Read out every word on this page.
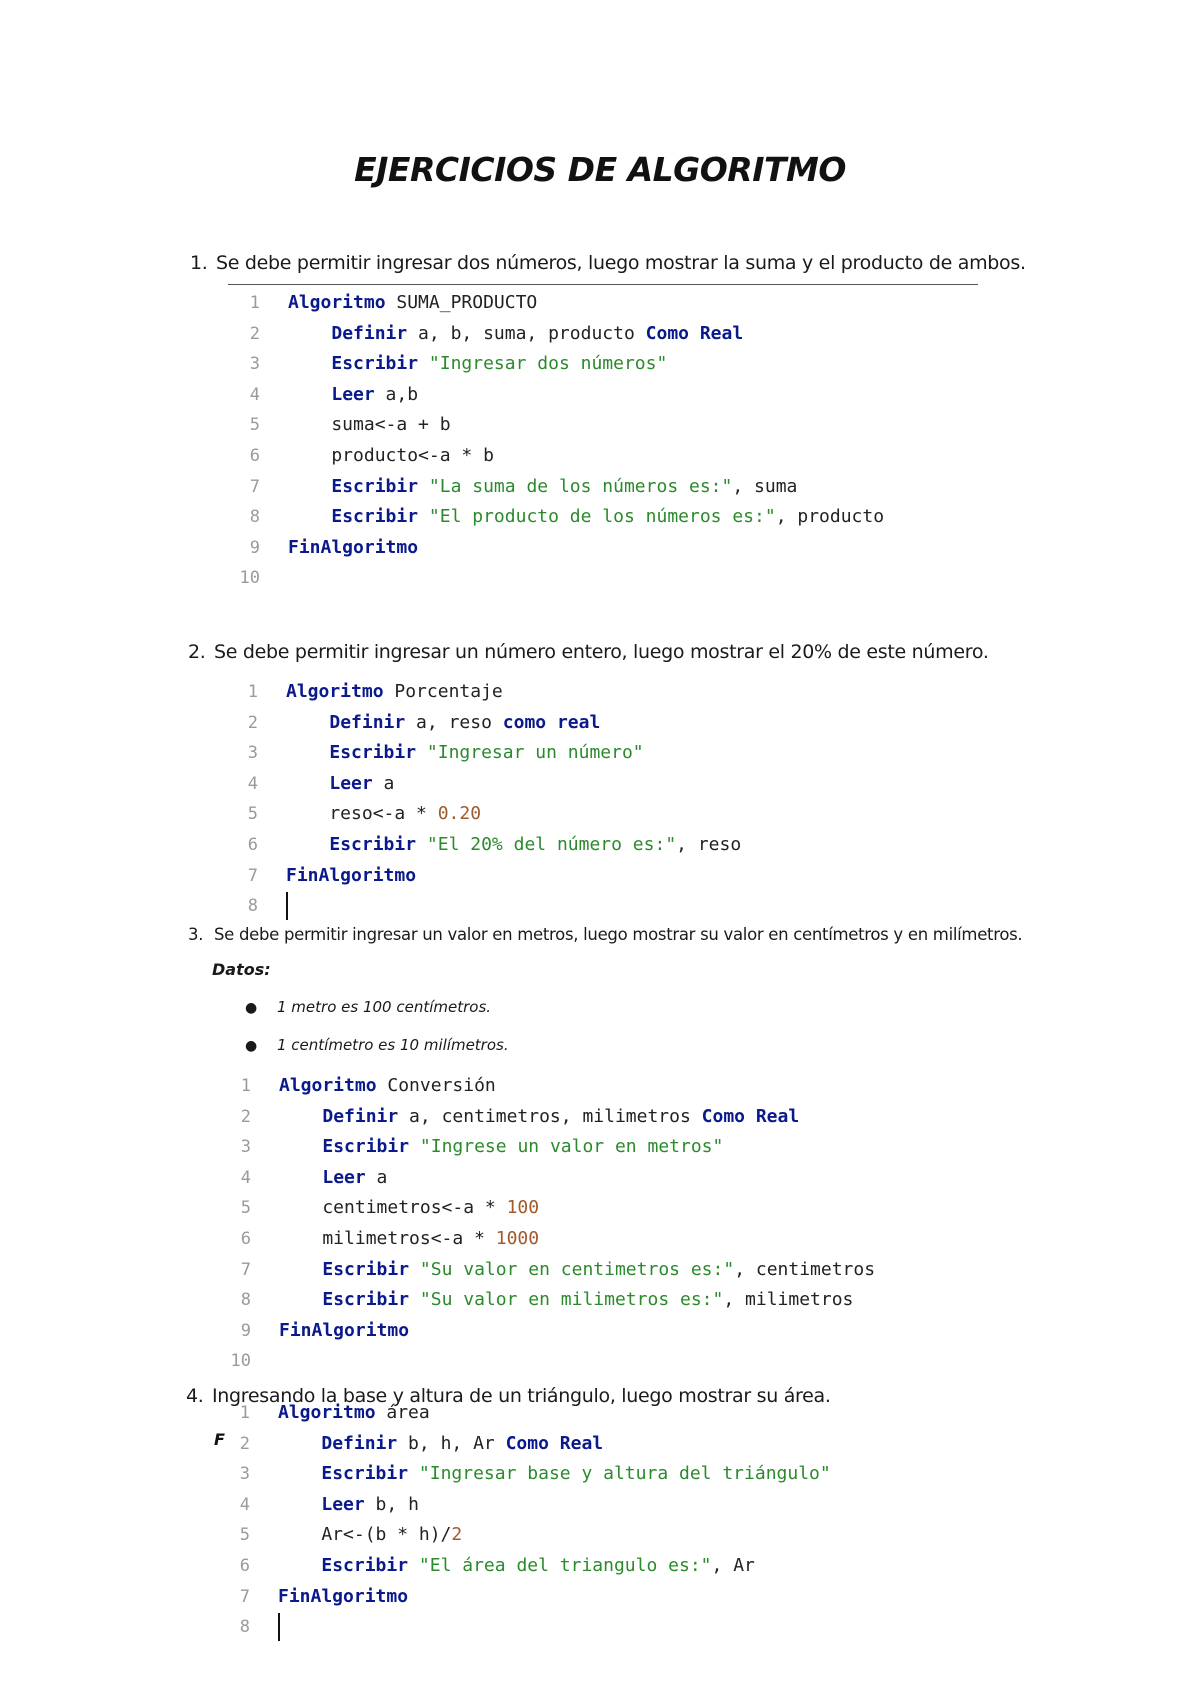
EJERCICIOS DE ALGORITMO
1. Se debe permitir ingresar dos números, luego mostrar la suma y el producto de ambos.
1 Algoritmo SUMA_PRODUCTO
2	Definir a, b, suma, producto Como Real
3	Escribir "Ingresar dos números"
4	Leer a,b
5    suma<-a + b
6    producto<-a * b
7	Escribir "La suma de los números es:", suma
8	Escribir "El producto de los números es:", producto
9 FinAlgoritmo
10
2. Se debe permitir ingresar un número entero, luego mostrar el 20% de este número.
1 Algoritmo Porcentaje
2	Definir a, reso como real
3	Escribir "Ingresar un número"
4	Leer a
5    reso<-a * 0.20
6	Escribir "El 20% del número es:", reso
7 FinAlgoritmo
8
3. Se debe permitir ingresar un valor en metros, luego mostrar su valor en centímetros y en milímetros.
Datos:
● 1 metro es 100 centímetros.
● 1 centímetro es 10 milímetros.
1 Algoritmo Conversión
2	Definir a, centimetros, milimetros Como Real
3	Escribir "Ingrese un valor en metros"
4	Leer a
5    centimetros<-a * 100
6    milimetros<-a * 1000
7	Escribir "Su valor en centimetros es:", centimetros
8	Escribir "Su valor en milimetros es:", milimetros
9 FinAlgoritmo
10
4. Ingresando la base y altura de un triángulo, luego mostrar su área.
F
1 Algoritmo área
2	Definir b, h, Ar Como Real
3	Escribir "Ingresar base y altura del triángulo"
4	Leer b, h
5    Ar<-(b * h)/2
6	Escribir "El área del triangulo es:", Ar
7 FinAlgoritmo
8
